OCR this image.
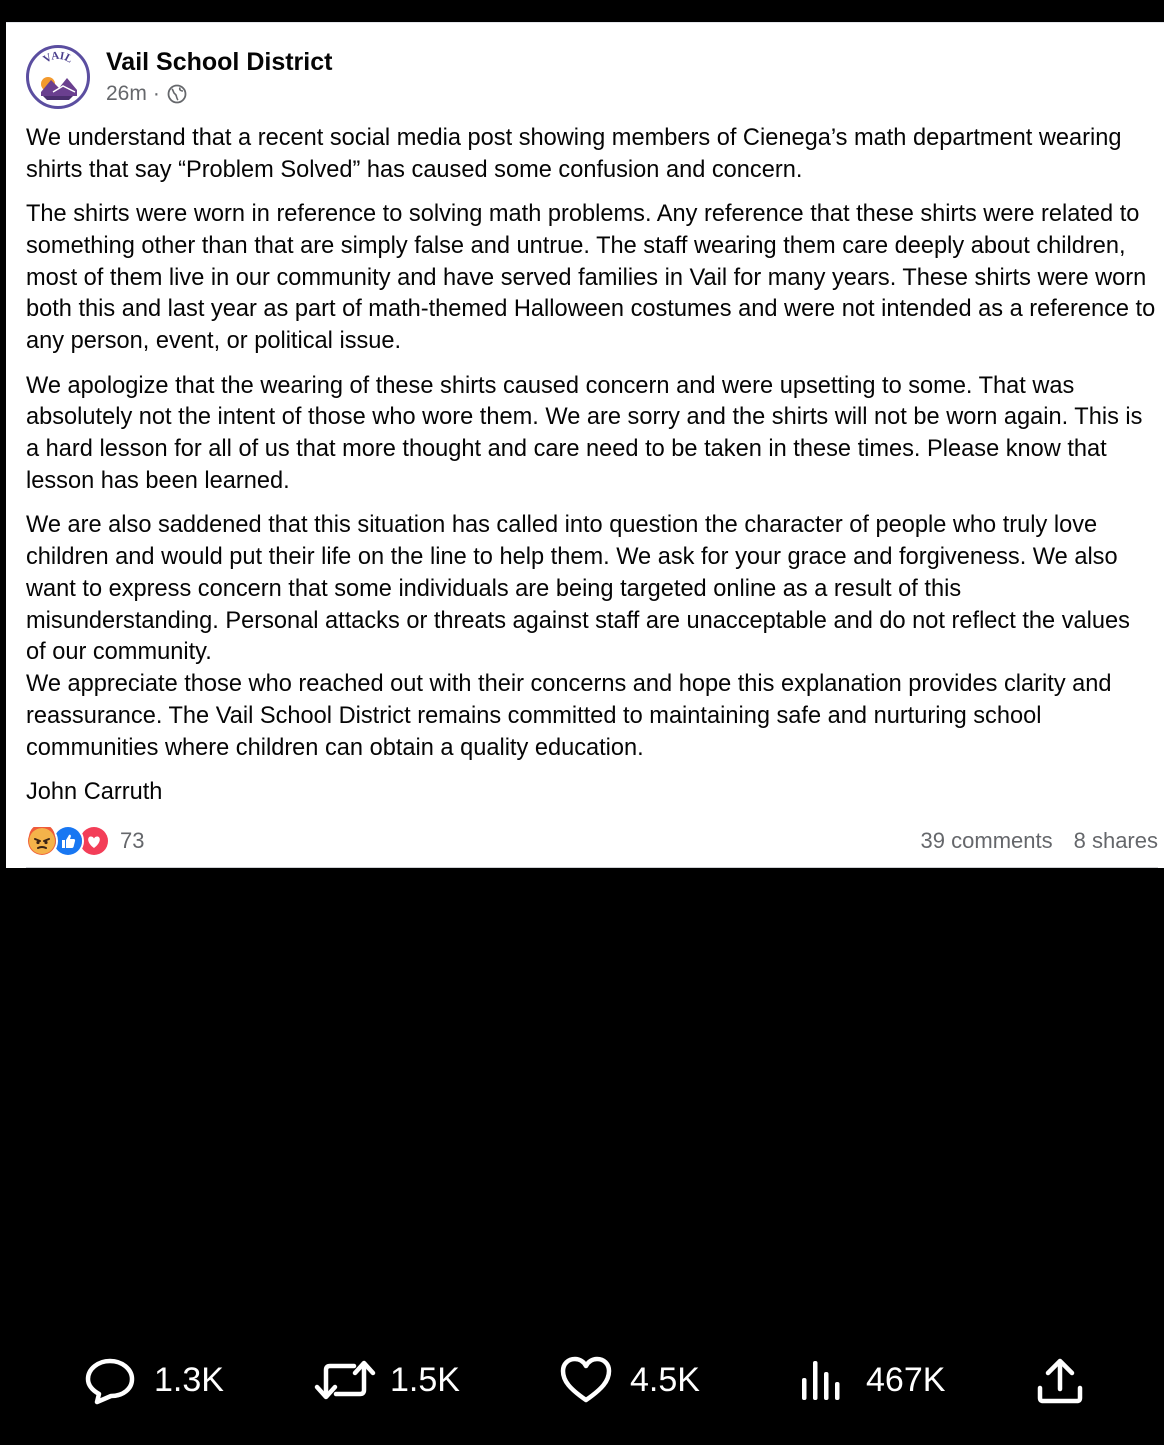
VAIL Vail School District
26m ·

We understand that a recent social media post showing members of Cienega’s math department wearing shirts that say “Problem Solved” has caused some confusion and concern.

The shirts were worn in reference to solving math problems. Any reference that these shirts were related to something other than that are simply false and untrue. The staff wearing them care deeply about children, most of them live in our community and have served families in Vail for many years. These shirts were worn both this and last year as part of math-themed Halloween costumes and were not intended as a reference to any person, event, or political issue.

We apologize that the wearing of these shirts caused concern and were upsetting to some. That was absolutely not the intent of those who wore them. We are sorry and the shirts will not be worn again. This is a hard lesson for all of us that more thought and care need to be taken in these times. Please know that lesson has been learned.

We are also saddened that this situation has called into question the character of people who truly love children and would put their life on the line to help them. We ask for your grace and forgiveness. We also want to express concern that some individuals are being targeted online as a result of this misunderstanding. Personal attacks or threats against staff are unacceptable and do not reflect the values of our community.

We appreciate those who reached out with their concerns and hope this explanation provides clarity and reassurance. The Vail School District remains committed to maintaining safe and nurturing school communities where children can obtain a quality education.

John Carruth

73	39 comments 8 shares
1.3K	1.5K	4.5K	467K
